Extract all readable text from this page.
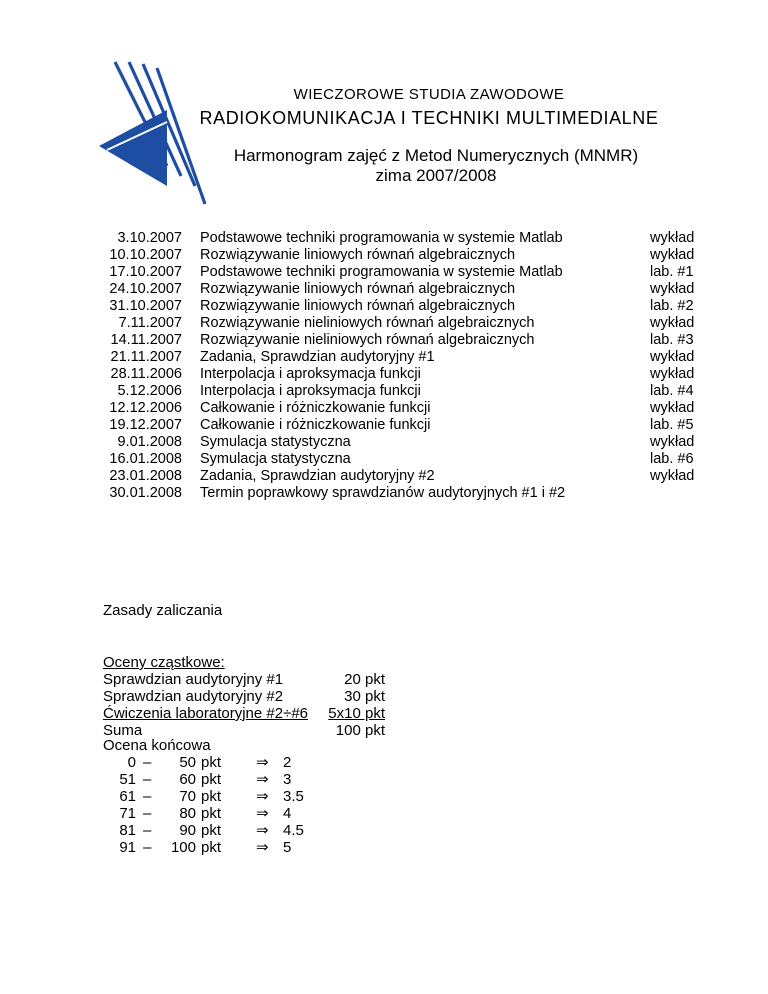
WIECZOROWE STUDIA ZAWODOWE
RADIOKOMUNIKACJA I TECHNIKI MULTIMEDIALNE
Harmonogram zajęć z Metod Numerycznych (MNMR)
zima 2007/2008
3.10.2007 Podstawowe techniki programowania w systemie Matlab	wykład
10.10.2007 Rozwiązywanie liniowych równań algebraicznych	wykład
17.10.2007 Podstawowe techniki programowania w systemie Matlab	lab. #1
24.10.2007 Rozwiązywanie liniowych równań algebraicznych	wykład
31.10.2007 Rozwiązywanie liniowych równań algebraicznych	lab. #2
7.11.2007 Rozwiązywanie nieliniowych równań algebraicznych	wykład
14.11.2007 Rozwiązywanie nieliniowych równań algebraicznych	lab. #3
21.11.2007 Zadania, Sprawdzian audytoryjny #1	wykład
28.11.2006 Interpolacja i aproksymacja funkcji	wykład
5.12.2006 Interpolacja i aproksymacja funkcji	lab. #4
12.12.2006 Całkowanie i różniczkowanie funkcji	wykład
19.12.2007 Całkowanie i różniczkowanie funkcji	lab. #5
9.01.2008 Symulacja statystyczna	wykład
16.01.2008 Symulacja statystyczna	lab. #6
23.01.2008 Zadania, Sprawdzian audytoryjny #2	wykład
30.01.2008 Termin poprawkowy sprawdzianów audytoryjnych #1 i #2
Zasady zaliczania
Oceny cząstkowe:
Sprawdzian audytoryjny #1	20 pkt
Sprawdzian audytoryjny #2	30 pkt
Ćwiczenia laboratoryjne #2÷#6 5x10 pkt
Suma	100 pkt
Ocena końcowa
0 –	50 pkt ⇒ 2
51 –	60 pkt ⇒ 3
61 –	70 pkt ⇒ 3.5
71 –	80 pkt ⇒ 4
81 –	90 pkt ⇒ 4.5
91 –	100 pkt ⇒ 5
